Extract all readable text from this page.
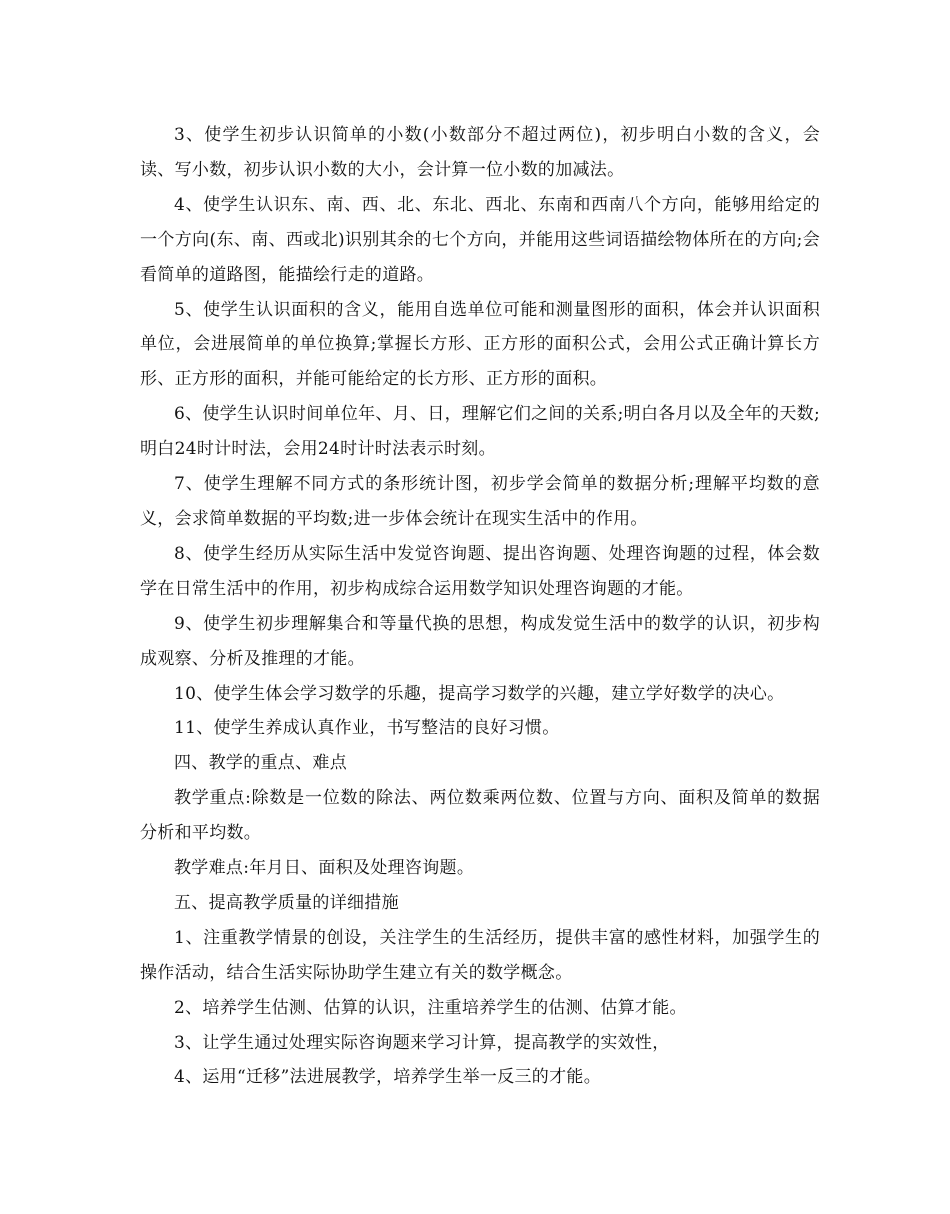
3、使学生初步认识简单的小数(小数部分不超过两位)，初步明白小数的含义，会读、写小数，初步认识小数的大小，会计算一位小数的加减法。

4、使学生认识东、南、西、北、东北、西北、东南和西南八个方向，能够用给定的一个方向(东、南、西或北)识别其余的七个方向，并能用这些词语描绘物体所在的方向;会看简单的道路图，能描绘行走的道路。

5、使学生认识面积的含义，能用自选单位可能和测量图形的面积，体会并认识面积单位，会进展简单的单位换算;掌握长方形、正方形的面积公式，会用公式正确计算长方形、正方形的面积，并能可能给定的长方形、正方形的面积。

6、使学生认识时间单位年、月、日，理解它们之间的关系;明白各月以及全年的天数;明白24时计时法，会用24时计时法表示时刻。

7、使学生理解不同方式的条形统计图，初步学会简单的数据分析;理解平均数的意义，会求简单数据的平均数;进一步体会统计在现实生活中的作用。

8、使学生经历从实际生活中发觉咨询题、提出咨询题、处理咨询题的过程，体会数学在日常生活中的作用，初步构成综合运用数学知识处理咨询题的才能。

9、使学生初步理解集合和等量代换的思想，构成发觉生活中的数学的认识，初步构成观察、分析及推理的才能。

10、使学生体会学习数学的乐趣，提高学习数学的兴趣，建立学好数学的决心。

11、使学生养成认真作业，书写整洁的良好习惯。

四、教学的重点、难点

教学重点:除数是一位数的除法、两位数乘两位数、位置与方向、面积及简单的数据分析和平均数。

教学难点:年月日、面积及处理咨询题。

五、提高教学质量的详细措施

1、注重教学情景的创设，关注学生的生活经历，提供丰富的感性材料，加强学生的操作活动，结合生活实际协助学生建立有关的数学概念。

2、培养学生估测、估算的认识，注重培养学生的估测、估算才能。

3、让学生通过处理实际咨询题来学习计算，提高教学的实效性，

4、运用“迁移”法进展教学，培养学生举一反三的才能。
